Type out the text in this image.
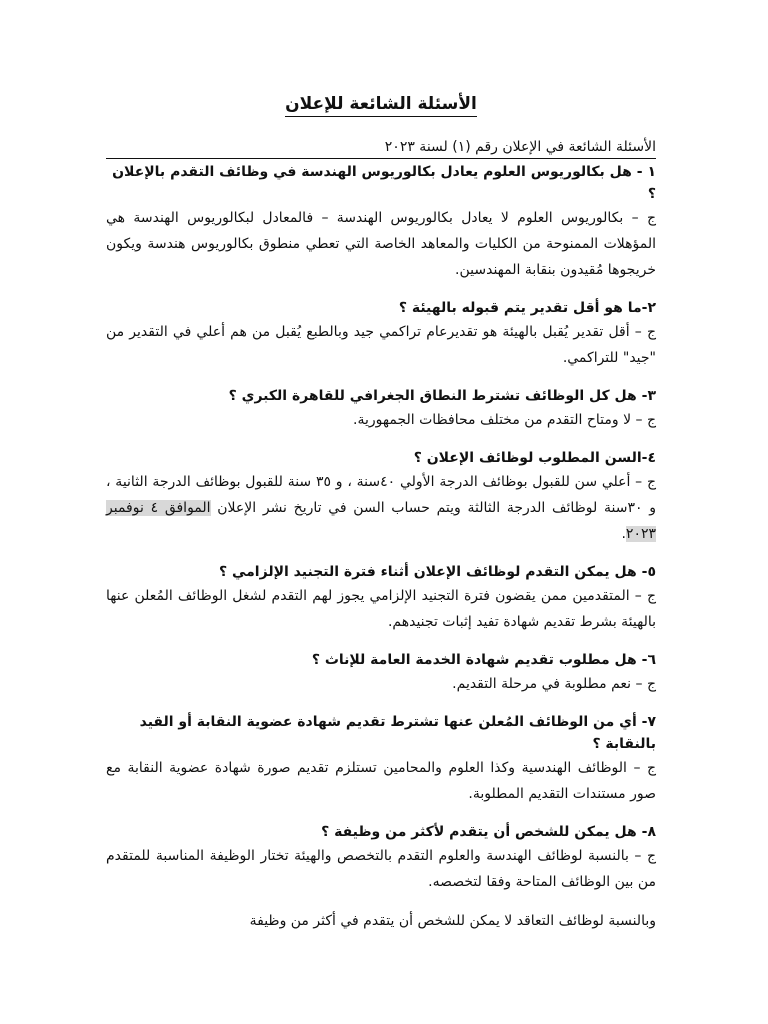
الأسئلة الشائعة للإعلان
الأسئلة الشائعة في الإعلان رقم (١) لسنة ٢٠٢٣

١ - هل بكالوريوس العلوم يعادل بكالوريوس الهندسة في وظائف التقدم بالإعلان ؟

ج – بكالوريوس العلوم لا يعادل بكالوريوس الهندسة – فالمعادل لبكالوريوس الهندسة هي المؤهلات الممنوحة من الكليات والمعاهد الخاصة التي تعطي منطوق بكالوريوس هندسة ويكون خريجوها مُقيدون بنقابة المهندسين.

٢-ما هو أقل تقدير يتم قبوله بالهيئة ؟

ج – أقل تقدير يُقبل بالهيئة هو تقديرعام تراكمي جيد وبالطبع يُقبل من هم أعلي في التقدير من "جيد" للتراكمي.

٣- هل كل الوظائف تشترط النطاق الجغرافي للقاهرة الكبري ؟

ج – لا ومتاح التقدم من مختلف محافظات الجمهورية.

٤-السن المطلوب لوظائف الإعلان ؟

ج – أعلي سن للقبول بوظائف الدرجة الأولي ٤٠سنة ، و ٣٥ سنة للقبول بوظائف الدرجة الثانية ، و ٣٠سنة لوظائف الدرجة الثالثة ويتم حساب السن في تاريخ نشر الإعلان الموافق ٤ نوفمبر ٢٠٢٣.

٥- هل يمكن التقدم لوظائف الإعلان أثناء فترة التجنيد الإلزامي ؟

ج – المتقدمين ممن يقضون فترة التجنيد الإلزامي يجوز لهم التقدم لشغل الوظائف المُعلن عنها بالهيئة بشرط تقديم شهادة تفيد إثبات تجنيدهم.

٦- هل مطلوب تقديم شهادة الخدمة العامة للإناث ؟

ج – نعم مطلوبة في مرحلة التقديم.

٧- أي من الوظائف المُعلن عنها تشترط تقديم شهادة عضوية النقابة أو القيد بالنقابة ؟

ج – الوظائف الهندسية وكذا العلوم والمحامين تستلزم تقديم صورة شهادة عضوية النقابة مع صور مستندات التقديم المطلوبة.

٨- هل يمكن للشخص أن يتقدم لأكثر من وظيفة ؟

ج – بالنسبة لوظائف الهندسة والعلوم التقدم بالتخصص والهيئة تختار الوظيفة المناسبة للمتقدم من بين الوظائف المتاحة وفقا لتخصصه.

وبالنسبة لوظائف التعاقد لا يمكن للشخص أن يتقدم في أكثر من وظيفة
